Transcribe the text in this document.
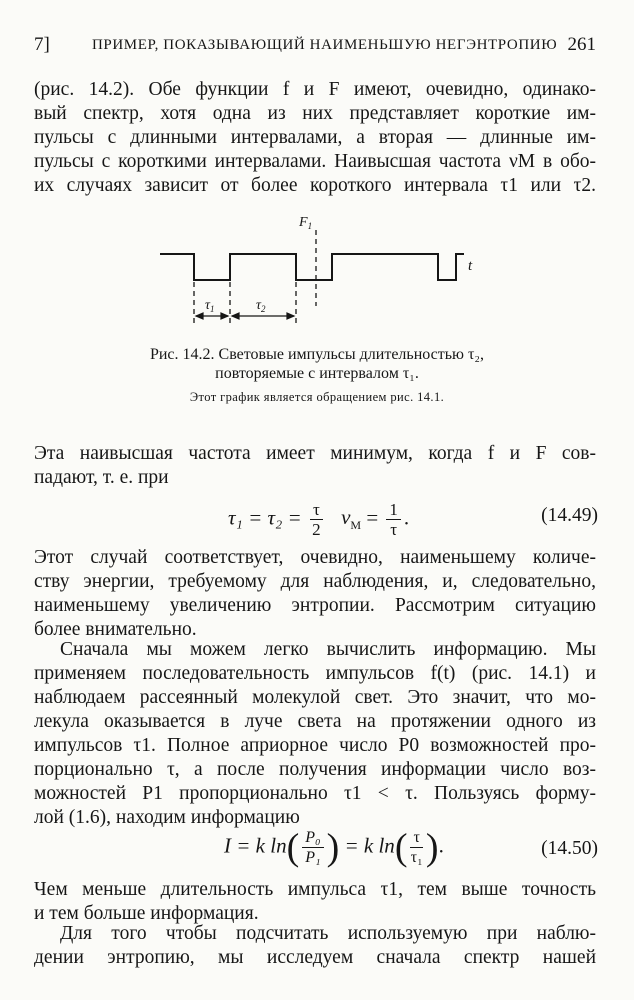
7]	ПРИМЕР, ПОКАЗЫВАЮЩИЙ НАИМЕНЬШУЮ НЕГЭНТРОПИЮ 261
(рис. 14.2). Обе функции f и F имеют, очевидно, одинако-
вый спектр, хотя одна из них представляет короткие им-
пульсы с длинными интервалами, а вторая — длинные им-
пульсы с короткими интервалами. Наивысшая частота νM в обо-
их случаях зависит от более короткого интервала τ1 или τ2.
$F_1$
t
$\tau_1$	$\tau_2$
Рис. 14.2. Световые импульсы длительностью τ₂,
повторяемые с интервалом τ₁.
Этот график является обращением рис. 14.1.
Эта наивысшая частота имеет минимум, когда f и F сов-
падают, т. е. при
$\tau_1 = \tau_2 = \frac{\tau}{2} \nu_M = \frac{1}{\tau}$ .	(14.49)
Этот случай соответствует, очевидно, наименьшему количе-
ству энергии, требуемому для наблюдения, и, следовательно,
наименьшему увеличению энтропии. Рассмотрим ситуацию
более внимательно.
Сначала мы можем легко вычислить информацию. Мы
применяем последовательность импульсов f(t) (рис. 14.1) и
наблюдаем рассеянный молекулой свет. Это значит, что мо-
лекула оказывается в луче света на протяжении одного из
импульсов τ1. Полное априорное число P0 возможностей про-
порционально τ, а после получения информации число воз-
можностей P1 пропорционально τ1 < τ. Пользуясь форму-
лой (1.6), находим информацию
I = k $\ln( \frac{\text{P₀}}{\text{P₁}}$ ) = k $\ln( \frac{\tau}{\text{τ₁}}$ ).	(14.50)
Чем меньше длительность импульса τ1, тем выше точность
и тем больше информация.
Для того чтобы подсчитать используемую при наблю-
дении энтропию, мы исследуем сначала спектр нашей
